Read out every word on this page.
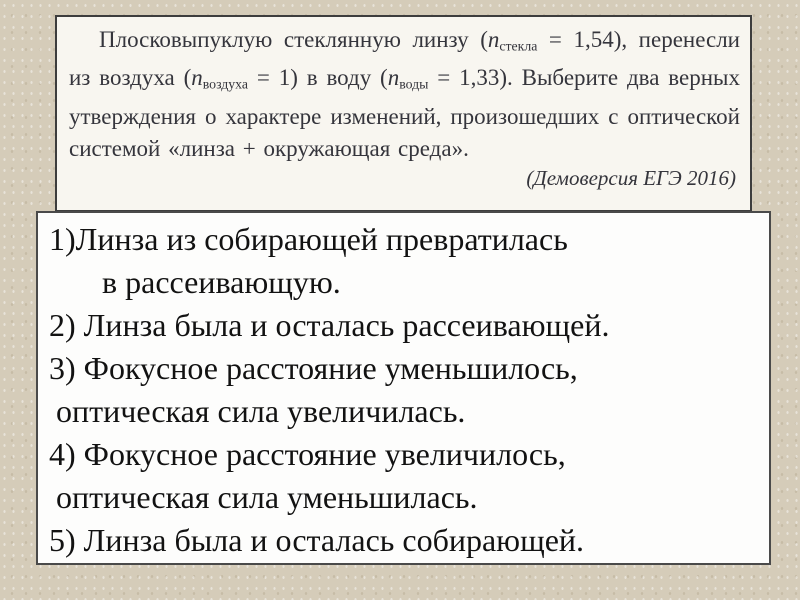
Плосковыпуклую стеклянную линзу $(n_{стекла} = 1,54)$, перенесли из воздуха $(n_{воздуха} = 1)$ в воду $(n_{воды} = 1,33)$. Выберите два верных утверждения о характере изменений, произошедших с оптической системой «линза + окружающая среда».
(Демоверсия ЕГЭ 2016)
1)Линза из собирающей превратилась
в рассеивающую.
2) Линза была и осталась рассеивающей.
3) Фокусное расстояние уменьшилось,
оптическая сила увеличилась.
4) Фокусное расстояние увеличилось,
оптическая сила уменьшилась.
5) Линза была и осталась собирающей.
